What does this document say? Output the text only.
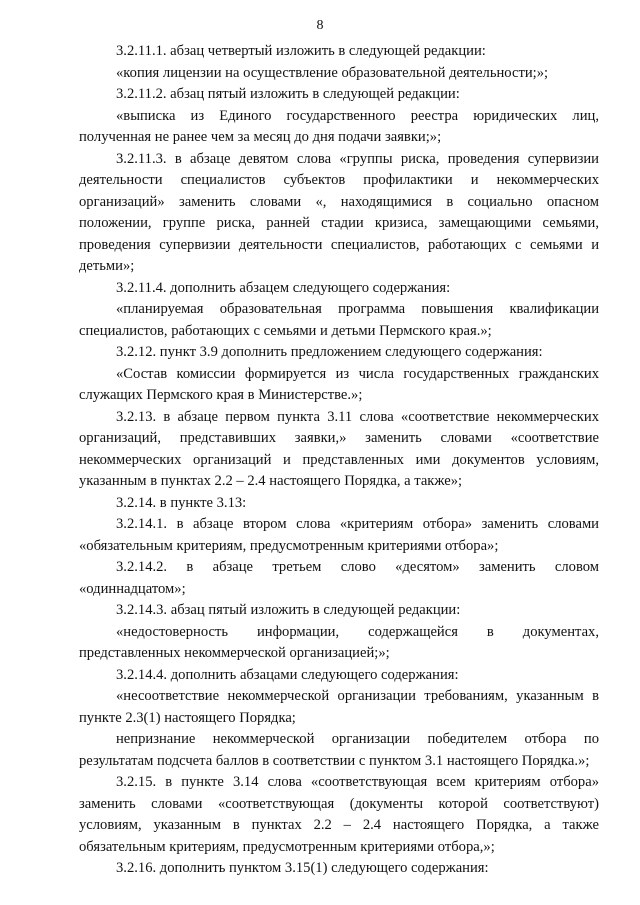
8

3.2.11.1. абзац четвертый изложить в следующей редакции:

«копия лицензии на осуществление образовательной деятельности;»;

3.2.11.2. абзац пятый изложить в следующей редакции:

«выписка из Единого государственного реестра юридических лиц, полученная не ранее чем за месяц до дня подачи заявки;»;

3.2.11.3. в абзаце девятом слова «группы риска, проведения супервизии деятельности специалистов субъектов профилактики и некоммерческих организаций» заменить словами «, находящимися в социально опасном положении, группе риска, ранней стадии кризиса, замещающими семьями, проведения супервизии деятельности специалистов, работающих с семьями и детьми»;

3.2.11.4. дополнить абзацем следующего содержания:

«планируемая образовательная программа повышения квалификации специалистов, работающих с семьями и детьми Пермского края.»;

3.2.12. пункт 3.9 дополнить предложением следующего содержания:

«Состав комиссии формируется из числа государственных гражданских служащих Пермского края в Министерстве.»;

3.2.13. в абзаце первом пункта 3.11 слова «соответствие некоммерческих организаций, представивших заявки,» заменить словами «соответствие некоммерческих организаций и представленных ими документов условиям, указанным в пунктах 2.2 – 2.4 настоящего Порядка, а также»;

3.2.14. в пункте 3.13:

3.2.14.1. в абзаце втором слова «критериям отбора» заменить словами «обязательным критериям, предусмотренным критериями отбора»;

3.2.14.2. в абзаце третьем слово «десятом» заменить словом «одиннадцатом»;

3.2.14.3. абзац пятый изложить в следующей редакции:

«недостоверность информации, содержащейся в документах, представленных некоммерческой организацией;»;

3.2.14.4. дополнить абзацами следующего содержания:

«несоответствие некоммерческой организации требованиям, указанным в пункте 2.3(1) настоящего Порядка;

непризнание некоммерческой организации победителем отбора по результатам подсчета баллов в соответствии с пунктом 3.1 настоящего Порядка.»;

3.2.15. в пункте 3.14 слова «соответствующая всем критериям отбора» заменить словами «соответствующая (документы которой соответствуют) условиям, указанным в пунктах 2.2 – 2.4 настоящего Порядка, а также обязательным критериям, предусмотренным критериями отбора,»;

3.2.16. дополнить пунктом 3.15(1) следующего содержания:
